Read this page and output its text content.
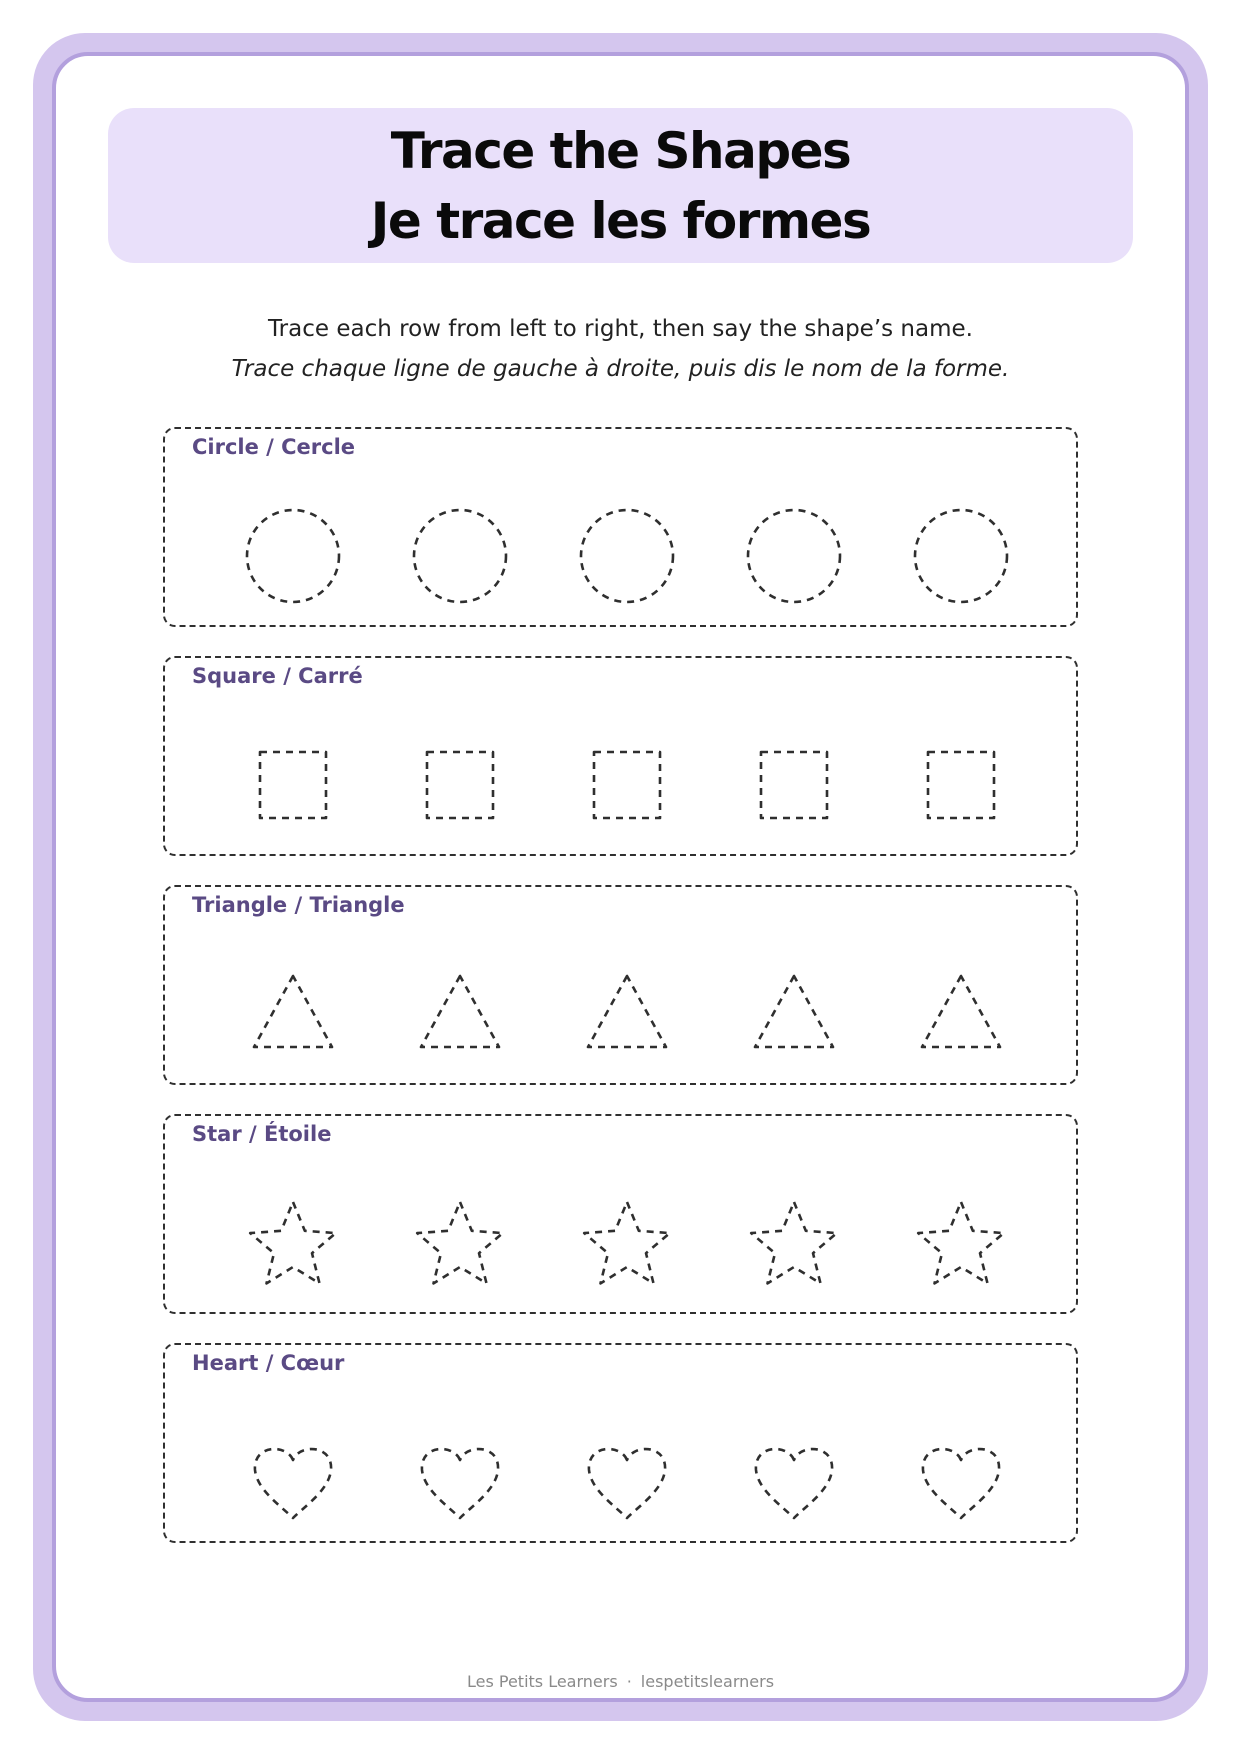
Trace the Shapes
Je trace les formes
Trace each row from left to right, then say the shape’s name.
Trace chaque ligne de gauche à droite, puis dis le nom de la forme.
Circle / Cercle
Square / Carré
Triangle / Triangle
Star / Étoile
Heart / Cœur
Les Petits Learners · lespetitslearners
